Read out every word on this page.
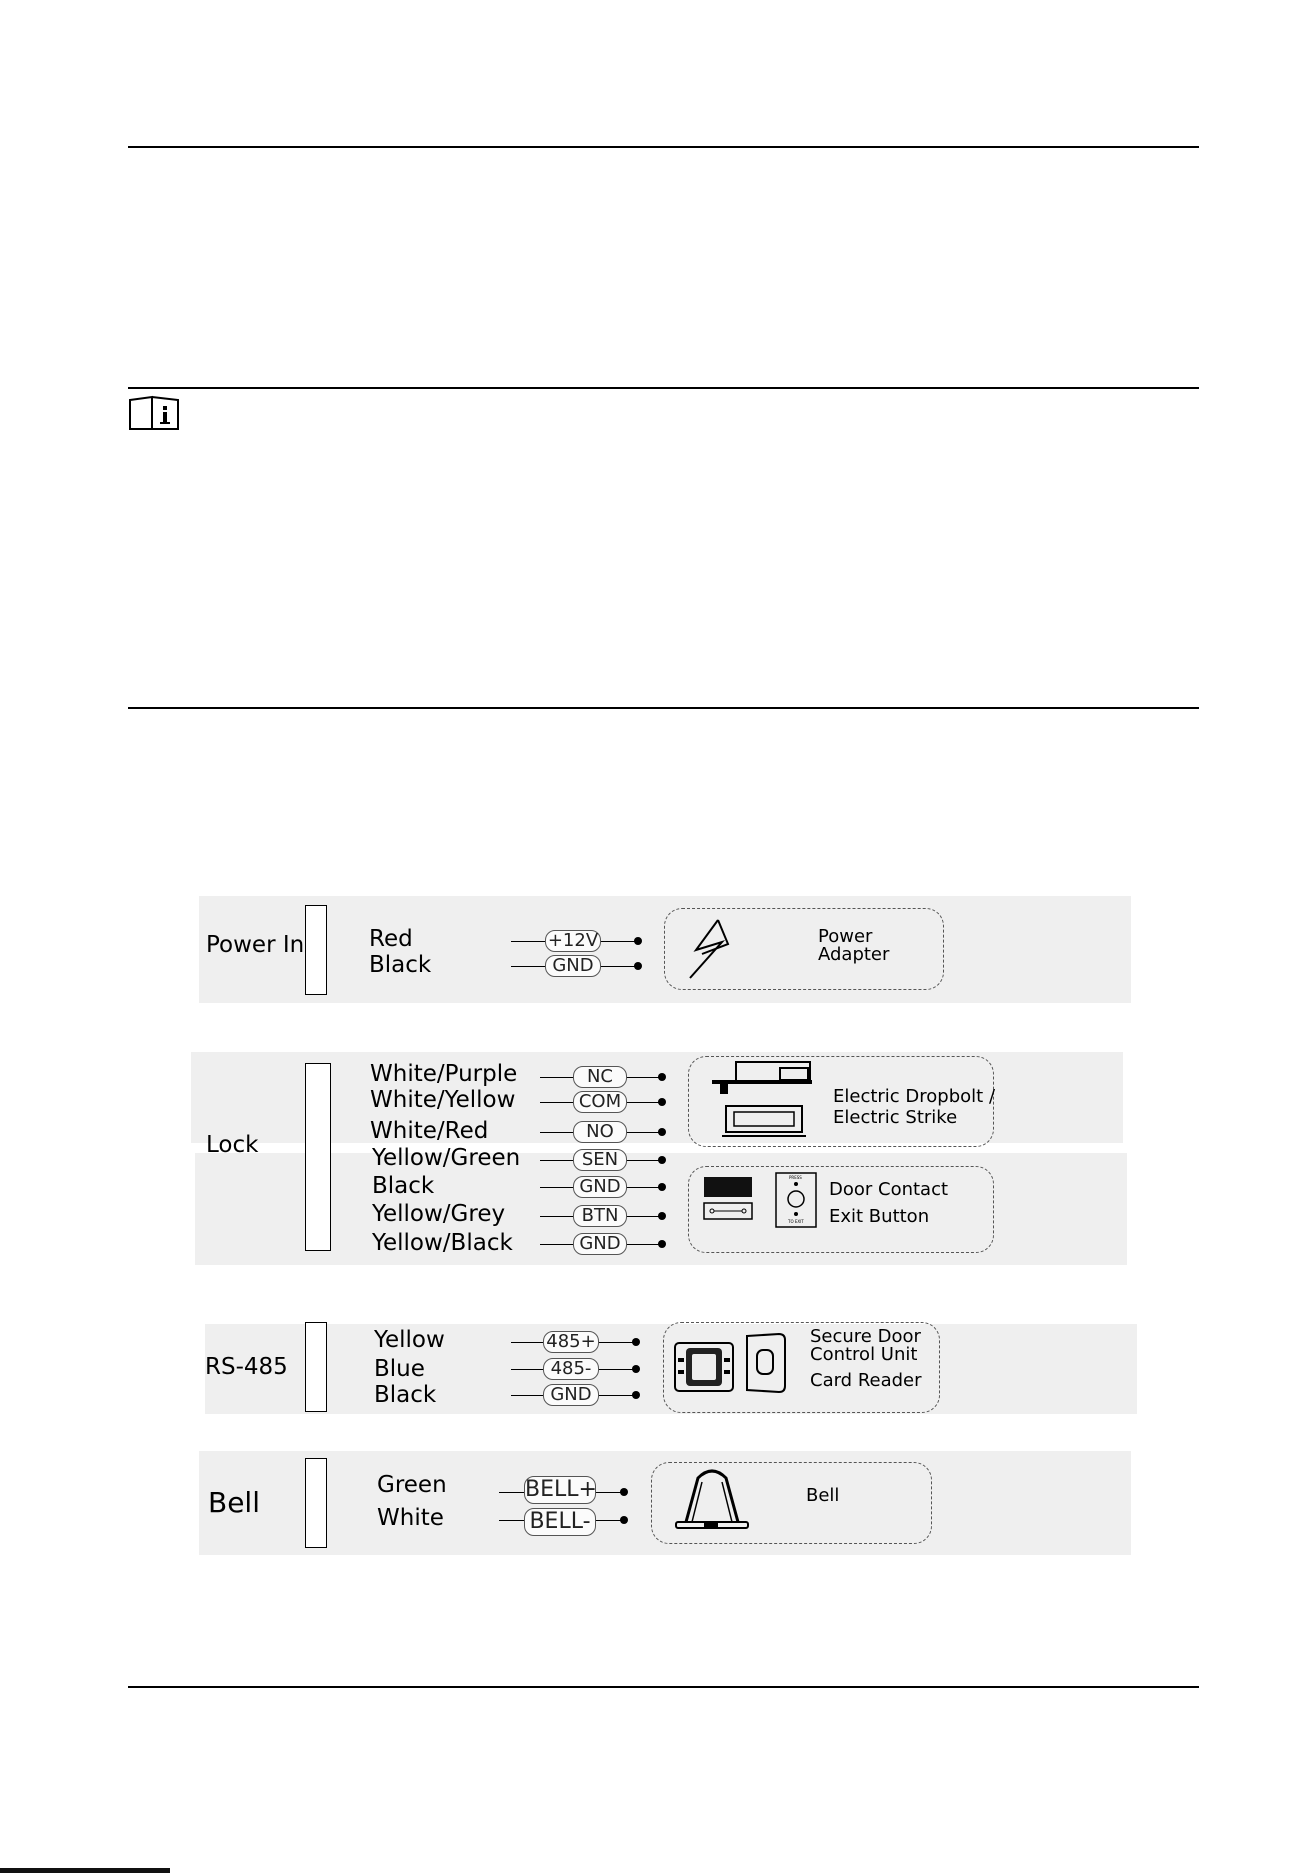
Power In	Red
Black
+12V
GND
Power
Adapter
Lock
White/Purple
White/Yellow
White/Red
Yellow/Green
Black
Yellow/Grey
Yellow/Black
NC
COM
NO
SEN
GND
BTN
GND
Electric Dropbolt /
Electric Strike
PRESS
TO EXIT
Door Contact
Exit Button
RS-485
Yellow
Blue
Black
485+
485-
GND
Secure Door
Control Unit
Card Reader
Bell
Green
White
BELL+
BELL-
Bell
